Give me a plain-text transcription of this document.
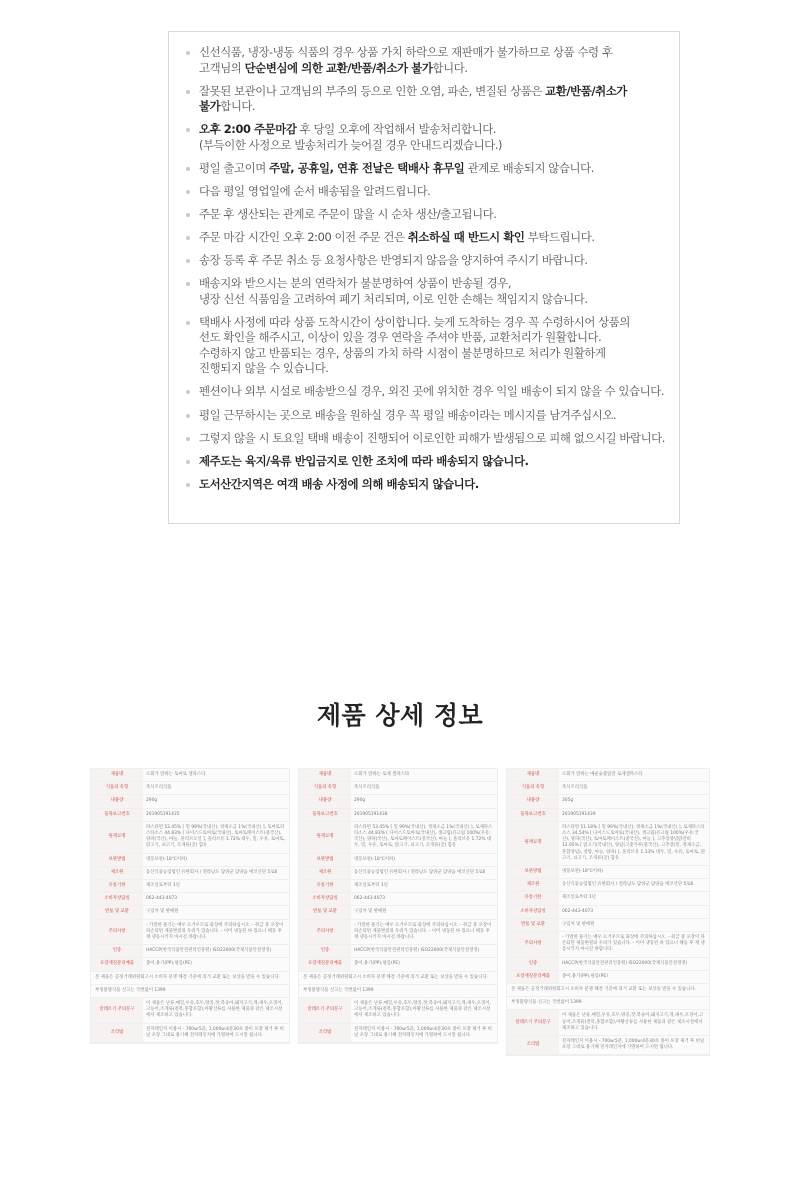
신선식품, 냉장-냉동 식품의 경우 상품 가치 하락으로 재판매가 불가하므로 상품 수령 후
고객님의 단순변심에 의한 교환/반품/취소가 불가합니다.
잘못된 보관이나 고객님의 부주의 등으로 인한 오염, 파손, 변질된 상품은 교환/반품/취소가
불가합니다.
오후 2:00 주문마감 후 당일 오후에 작업해서 발송처리합니다.
(부득이한 사정으로 발송처리가 늦어질 경우 안내드리겠습니다.)
평일 출고이며 주말, 공휴일, 연휴 전날은 택배사 휴무일 관계로 배송되지 않습니다.
다음 평일 영업일에 순서 배송됨을 알려드립니다.
주문 후 생산되는 관계로 주문이 많을 시 순차 생산/출고됩니다.
주문 마감 시간인 오후 2:00 이전 주문 건은 취소하실 때 반드시 확인 부탁드립니다.
송장 등록 후 주문 취소 등 요청사항은 반영되지 않음을 양지하여 주시기 바랍니다.
배송지와 받으시는 분의 연락처가 불분명하여 상품이 반송될 경우,
냉장 신선 식품임을 고려하여 폐기 처리되며, 이로 인한 손해는 책임지지 않습니다.
택배사 사정에 따라 상품 도착시간이 상이합니다. 늦게 도착하는 경우 꼭 수령하시어 상품의
선도 확인을 해주시고, 이상이 있을 경우 연락을 주셔야 반품, 교환처리가 원활합니다.
수령하지 않고 반품되는 경우, 상품의 가치 하락 시점이 불분명하므로 처리가 원활하게
진행되지 않을 수 있습니다.
펜션이나 외부 시설로 배송받으실 경우, 외진 곳에 위치한 경우 익일 배송이 되지 않을 수 있습니다.
평일 근무하시는 곳으로 배송을 원하실 경우 꼭 평일 배송이라는 메시지를 남겨주십시오.
그렇지 않을 시 토요일 택배 배송이 진행되어 이로인한 피해가 발생됨으로 피해 없으시길 바랍니다.
제주도는 육지/육류 반입금지로 인한 조치에 따라 배송되지 않습니다.
도서산간지역은 여객 배송 사정에 의해 배송되지 않습니다.
제품 상세 정보
제품명	소회가 말하는 토마토 셀파스타
식품의 유형	즉석조리식품
내용량	290g
품목보고번호	201905191435
원재료명	파스타면 53.45% [ 밀 99%(국내산), 정제소금 1%(국내산) ], 토마토파스타소스 44.83% [ 다이스드토마토(국내산), 토마토페이스트(중국산), 양파(국산), 마늘, 올리브오일 ], 올리브유 1.72% 대두, 밀, 우유, 토마토, 닭고기, 쇠고기, 조개류(굴) 함유
보관방법	냉동보관(-18℃이하)
제조원	동산식품농업법인 유한회사 / 전라남도 담양군 담양읍 에코산단 5로6
유통기한	제조일로부터 1년
소비자상담실	062-443-4073
반품 및 교환	구입처 및 판매원
주의사항	- 가열한 용기는 매우 뜨거우므로 화상에 주의하십시오. - 취급 중 포장이 파손되면 제품변질의 우려가 있습니다. - 이미 냉동된 바 있으니 해동 후 재 냉동시키지 마시길 바랍니다.
인증	HACCP(한국식품안전관리인증원) ISO22000(국제식품안전경영)
포장재질분리배출	종이,용기(PP),필름(PE)
본 제품은 공정거래위원회고시 소비자 분쟁 해결 기준에 의거 교환 또는 보상을 받을 수 있습니다.	
부정불량식품 신고는 국번없이 1399	
알레르기 주의문구	이 제품은 난류,메밀,우유,호두,땅콩,잣,복숭아,돼지고기,게,새우,오징어,고등어,조개류(전복,홍합포함),아황산류를 사용한 제품과 같은 제조시설에서 제조하고 있습니다.
조리법	전자레인지 이용시 - 700w:5분, 1,000w:4분30초 종이 포장 제거 후 비닐 포장 그대로 용기째 전자레인지에 가열하여 드시면 됩니다.
제품명	소회가 말하는 로제 셀파스타
식품의 유형	즉석조리식품
내용량	290g
품목보고번호	201905191438
원재료명	파스타면 53.45% [ 밀 99%(국내산), 정제소금 1%(국내산) ], 로제파스타소스 44.83% [ 다이스드토마토(국내산), 생크림(유크림 100%(우유:국산), 양파(국산), 토마토페이스트(중국산), 마늘 ], 올리브유 1.72% 대두, 밀, 우유, 토마토, 닭고기, 쇠고기, 조개류(굴) 함유
보관방법	냉동보관(-18℃이하)
제조원	동산식품농업법인 유한회사 / 전라남도 담양군 담양읍 에코산단 5로6
유통기한	제조일로부터 1년
소비자상담실	062-443-4073
반품 및 교환	구입처 및 판매원
주의사항	- 가열한 용기는 매우 뜨거우므로 화상에 주의하십시오. - 취급 중 포장이 파손되면 제품변질의 우려가 있습니다. - 이미 냉동된 바 있으니 해동 후 재 냉동시키지 마시길 바랍니다.
인증	HACCP(한국식품안전관리인증원) ISO22000(국제식품안전경영)
포장재질분리배출	종이,용기(PP),필름(PE)
본 제품은 공정거래위원회고시 소비자 분쟁 해결 기준에 의거 교환 또는 보상을 받을 수 있습니다.	
부정불량식품 신고는 국번없이 1399	
알레르기 주의문구	이 제품은 난류,메밀,우유,호두,땅콩,잣,복숭아,돼지고기,게,새우,오징어,고등어,조개류(전복,홍합포함),아황산류를 사용한 제품과 같은 제조시설에서 제조하고 있습니다.
조리법	전자레인지 이용시 - 700w:5분, 1,000w:4분30초 종이 포장 제거 후 비닐 포장 그대로 용기째 전자레인지에 가열하여 드시면 됩니다.
제품명	소회가 말하는 매운숯불닭갈 로제셀파스타
식품의 유형	즉석조리식품
내용량	305g
품목보고번호	201905191439
원재료명	파스타면 51.18% [ 밀 99%(국내산), 정제소금 1%(국내산) ], 로제파스타소스 34.54% [ 다이스드토마토(국내산), 생크림(유크림 100%(우유:국산), 양파(국산), 토마토페이스트(중국산), 마늘 ], 고추장양념닭갈비 12.95% [ 닭고기(국내산), 양념(고춧가루(중국산), 고추장(밀, 정제소금, 혼합양념), 설탕, 마늘, 양파) ], 올리브유 1.33% 대두, 밀, 우유, 토마토, 닭고기, 쇠고기, 조개류(굴) 함유
보관방법	냉동보관(-18℃이하)
제조원	동산식품농업법인 유한회사 / 전라남도 담양군 담양읍 에코산단 5로6
유통기한	제조일로부터 1년
소비자상담실	062-443-4073
반품 및 교환	구입처 및 판매원
주의사항	- 가열한 용기는 매우 뜨거우므로 화상에 주의하십시오. - 취급 중 포장이 파손되면 제품변질의 우려가 있습니다. - 이미 냉동된 바 있으니 해동 후 재 냉동시키지 마시길 바랍니다.
인증	HACCP(한국식품안전관리인증원) ISO22000(국제식품안전경영)
포장재질분리배출	종이,용기(PP),필름(PE)
본 제품은 공정거래위원회고시 소비자 분쟁 해결 기준에 의거 교환 또는 보상을 받을 수 있습니다.	
부정불량식품 신고는 국번없이 1399	
알레르기 주의문구	이 제품은 난류,메밀,우유,호두,땅콩,잣,복숭아,돼지고기,게,새우,오징어,고등어,조개류(전복,홍합포함),아황산류를 사용한 제품과 같은 제조시설에서 제조하고 있습니다.
조리법	전자레인지 이용시 - 700w:5분, 1,000w:4분30초 종이 포장 제거 후 비닐 포장 그대로 용기째 전자레인지에 가열하여 드시면 됩니다.
